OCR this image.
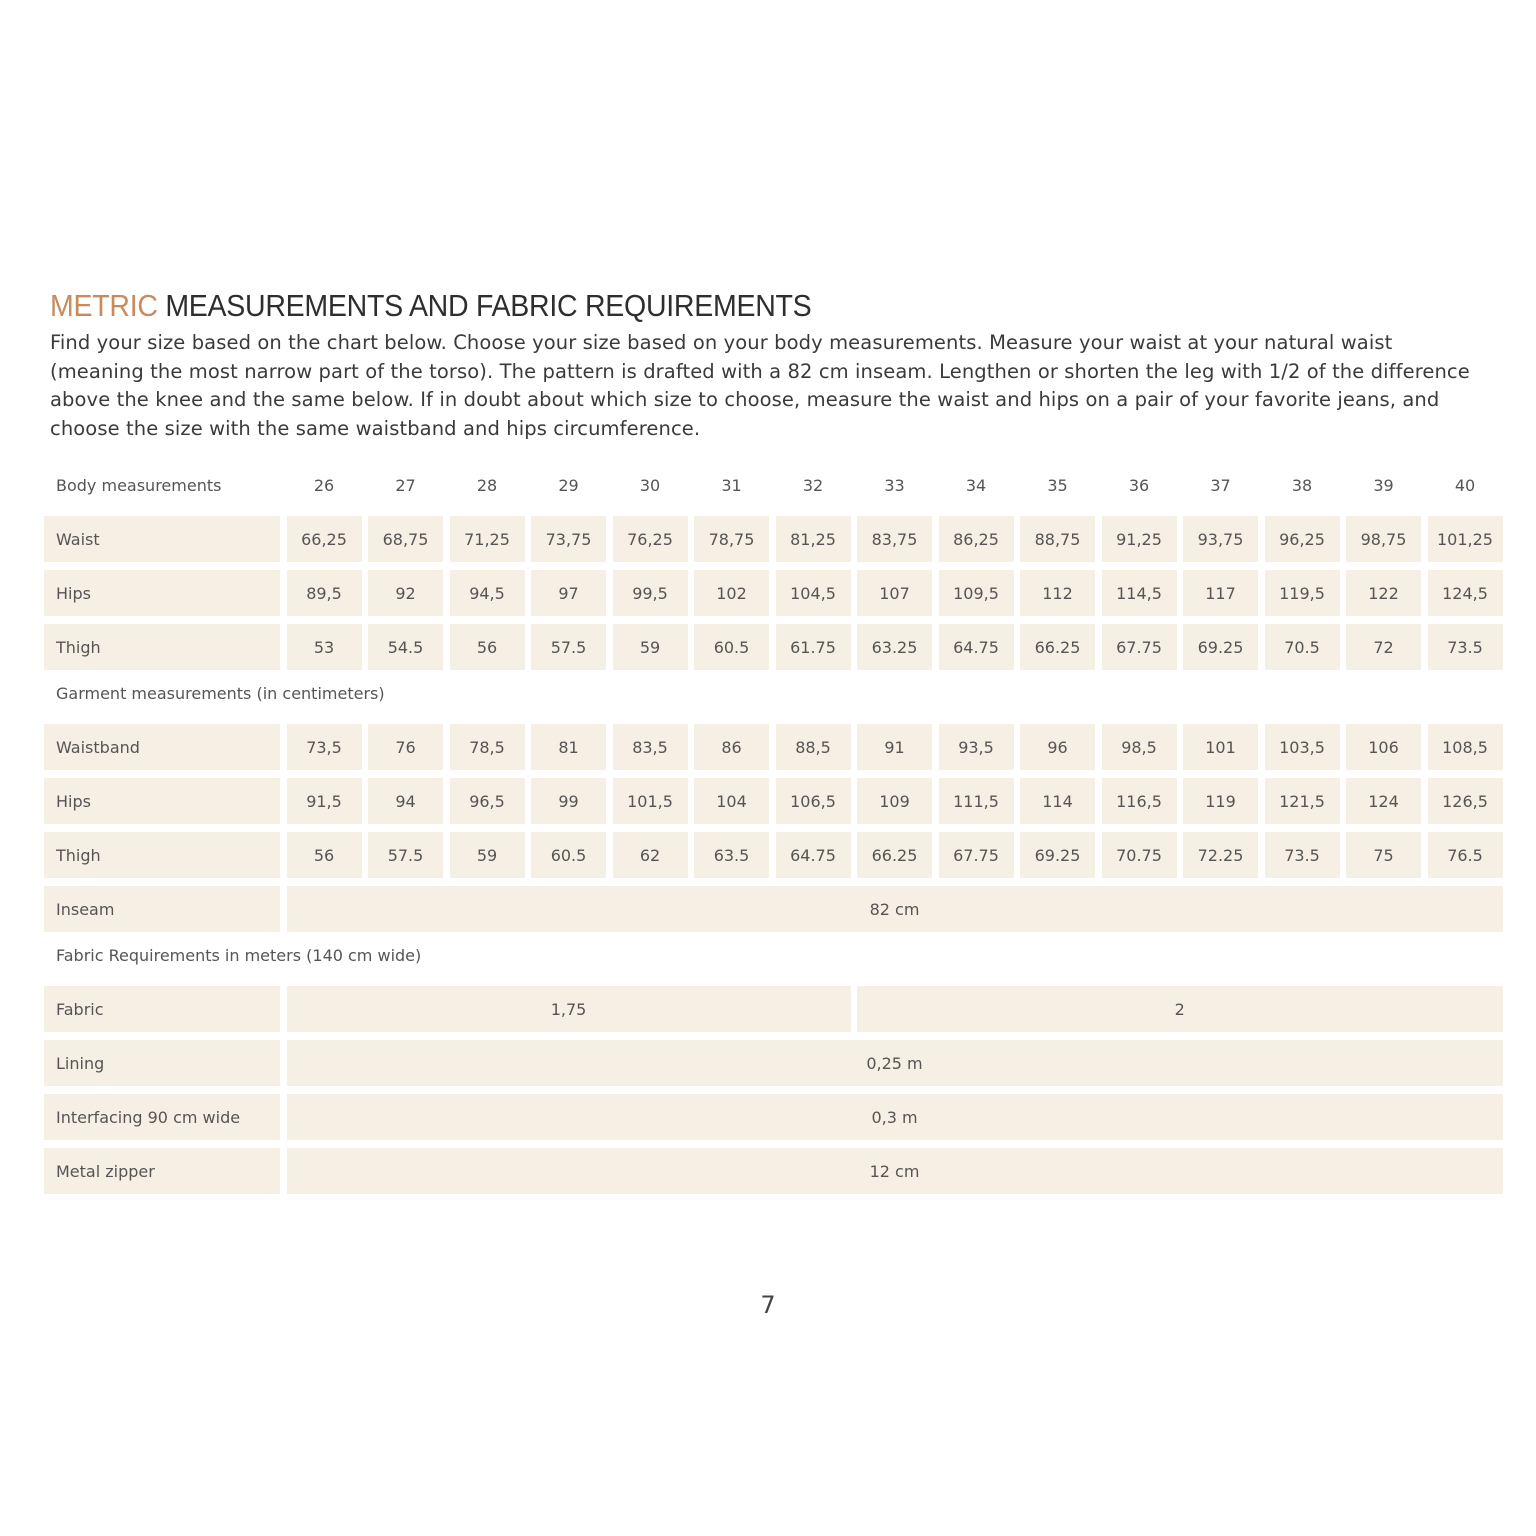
METRIC MEASUREMENTS AND FABRIC REQUIREMENTS
Find your size based on the chart below. Choose your size based on your body measurements. Measure your waist at your natural waist (meaning the most narrow part of the torso). The pattern is drafted with a 82 cm inseam. Lengthen or shorten the leg with 1/2 of the difference above the knee and the same below. If in doubt about which size to choose, measure the waist and hips on a pair of your favorite jeans, and choose the size with the same waistband and hips circumference.
Body measurements	26	27	28	29	30	31	32	33	34	35	36	37	38	39	40
Waist	66,25	68,75	71,25	73,75	76,25	78,75	81,25	83,75	86,25	88,75	91,25	93,75	96,25	98,75	101,25
Hips	89,5	92	94,5	97	99,5	102	104,5	107	109,5	112	114,5	117	119,5	122	124,5
Thigh	53	54.5	56	57.5	59	60.5	61.75	63.25	64.75	66.25	67.75	69.25	70.5	72	73.5
Garment measurements (in centimeters)
Waistband	73,5	76	78,5	81	83,5	86	88,5	91	93,5	96	98,5	101	103,5	106	108,5
Hips	91,5	94	96,5	99	101,5	104	106,5	109	111,5	114	116,5	119	121,5	124	126,5
Thigh	56	57.5	59	60.5	62	63.5	64.75	66.25	67.75	69.25	70.75	72.25	73.5	75	76.5
Inseam	82 cm
Fabric Requirements in meters (140 cm wide)
Fabric	1,75	2
Lining	0,25 m
Interfacing 90 cm wide	0,3 m
Metal zipper	12 cm
7
